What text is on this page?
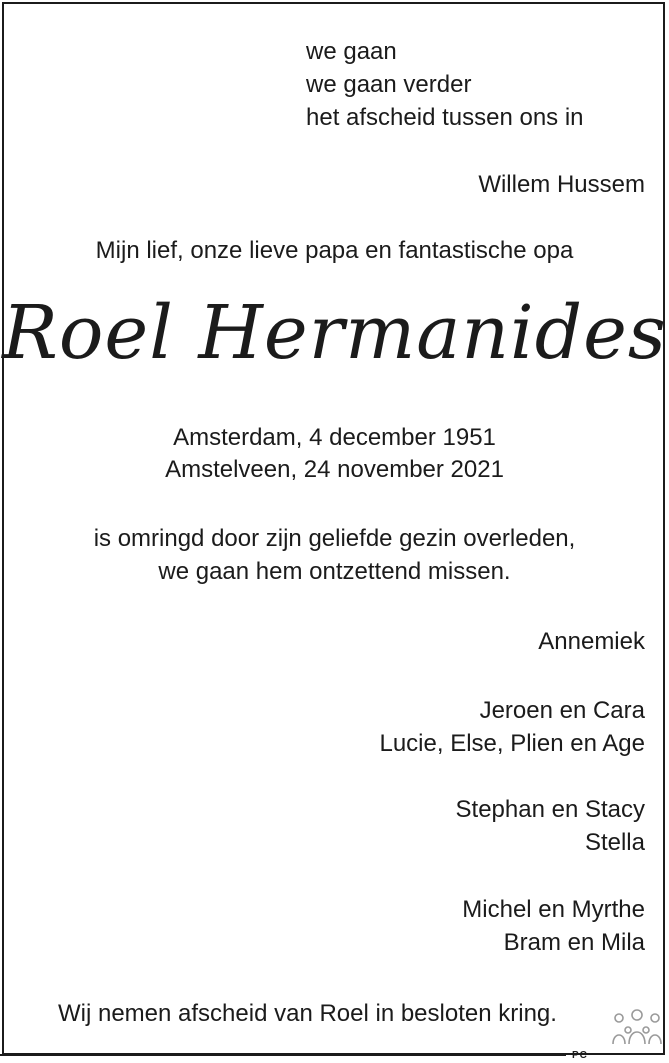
we gaan
we gaan verder
het afscheid tussen ons in
Willem Hussem
Mijn lief, onze lieve papa en fantastische opa
Roel Hermanides
Amsterdam, 4 december 1951
Amstelveen, 24 november 2021
is omringd door zijn geliefde gezin overleden,
we gaan hem ontzettend missen.
Annemiek
Jeroen en Cara
Lucie, Else, Plien en Age
Stephan en Stacy
Stella
Michel en Myrthe
Bram en Mila
Wij nemen afscheid van Roel in besloten kring.
PC
